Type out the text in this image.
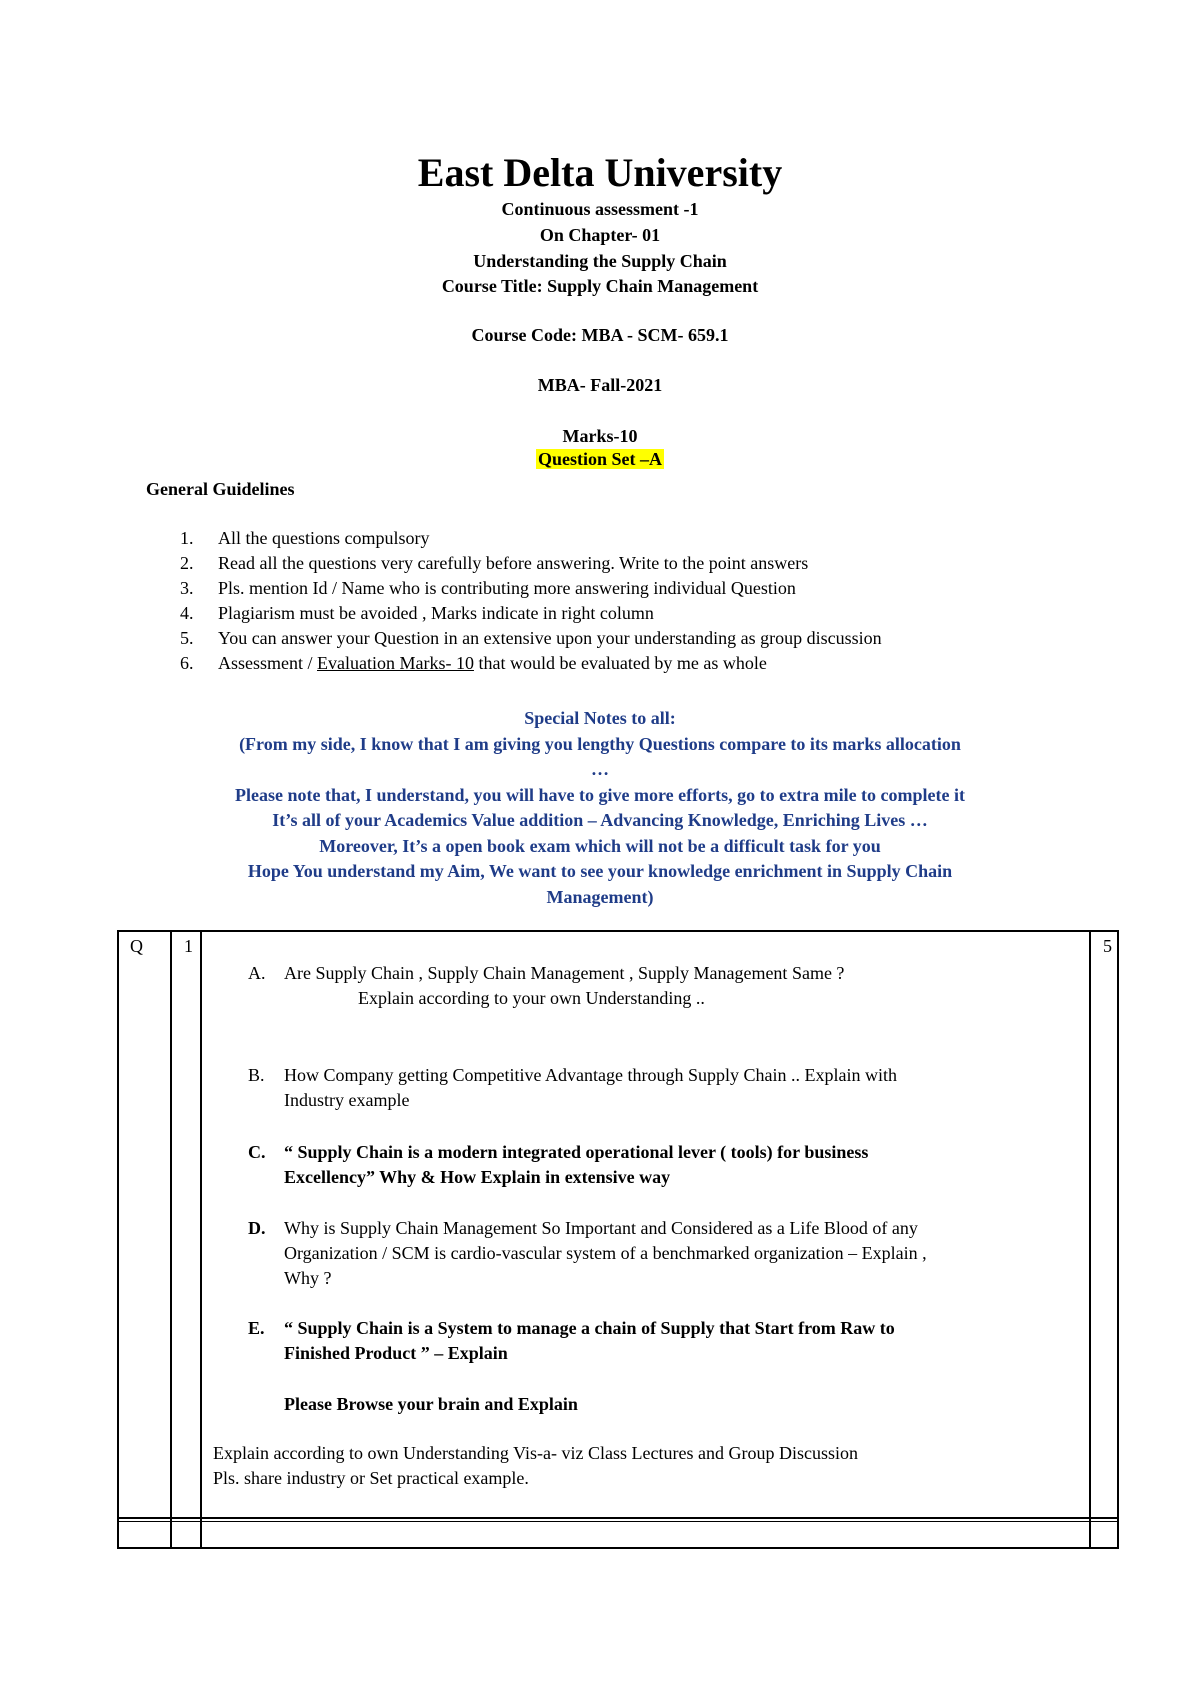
East Delta University
Continuous assessment -1
On Chapter- 01
Understanding the Supply Chain
Course Title: Supply Chain Management
Course Code: MBA - SCM- 659.1
MBA- Fall-2021
Marks-10
Question Set –A
General Guidelines
1. All the questions compulsory
2. Read all the questions very carefully before answering. Write to the point answers
3. Pls. mention Id / Name who is contributing more answering individual Question
4. Plagiarism must be avoided , Marks indicate in right column
5. You can answer your Question in an extensive upon your understanding as group discussion
6. Assessment / Evaluation Marks- 10 that would be evaluated by me as whole
Special Notes to all:
(From my side, I know that I am giving you lengthy Questions compare to its marks allocation
…
Please note that, I understand, you will have to give more efforts, go to extra mile to complete it
It’s all of your Academics Value addition – Advancing Knowledge, Enriching Lives …
Moreover, It’s a open book exam which will not be a difficult task for you
Hope You understand my Aim, We want to see your knowledge enrichment in Supply Chain
Management)
Q 1	5
A.	Are Supply Chain , Supply Chain Management , Supply Management Same ?
Explain according to your own Understanding ..
B.	How Company getting Competitive Advantage through Supply Chain .. Explain with
Industry example
C.	“ Supply Chain is a modern integrated operational lever ( tools) for business
Excellency” Why & How Explain in extensive way
D.	Why is Supply Chain Management So Important and Considered as a Life Blood of any
Organization / SCM is cardio-vascular system of a benchmarked organization – Explain ,
Why ?
E.	“ Supply Chain is a System to manage a chain of Supply that Start from Raw to
Finished Product ” – Explain
Please Browse your brain and Explain
Explain according to own Understanding Vis-a- viz Class Lectures and Group Discussion
Pls. share industry or Set practical example.
